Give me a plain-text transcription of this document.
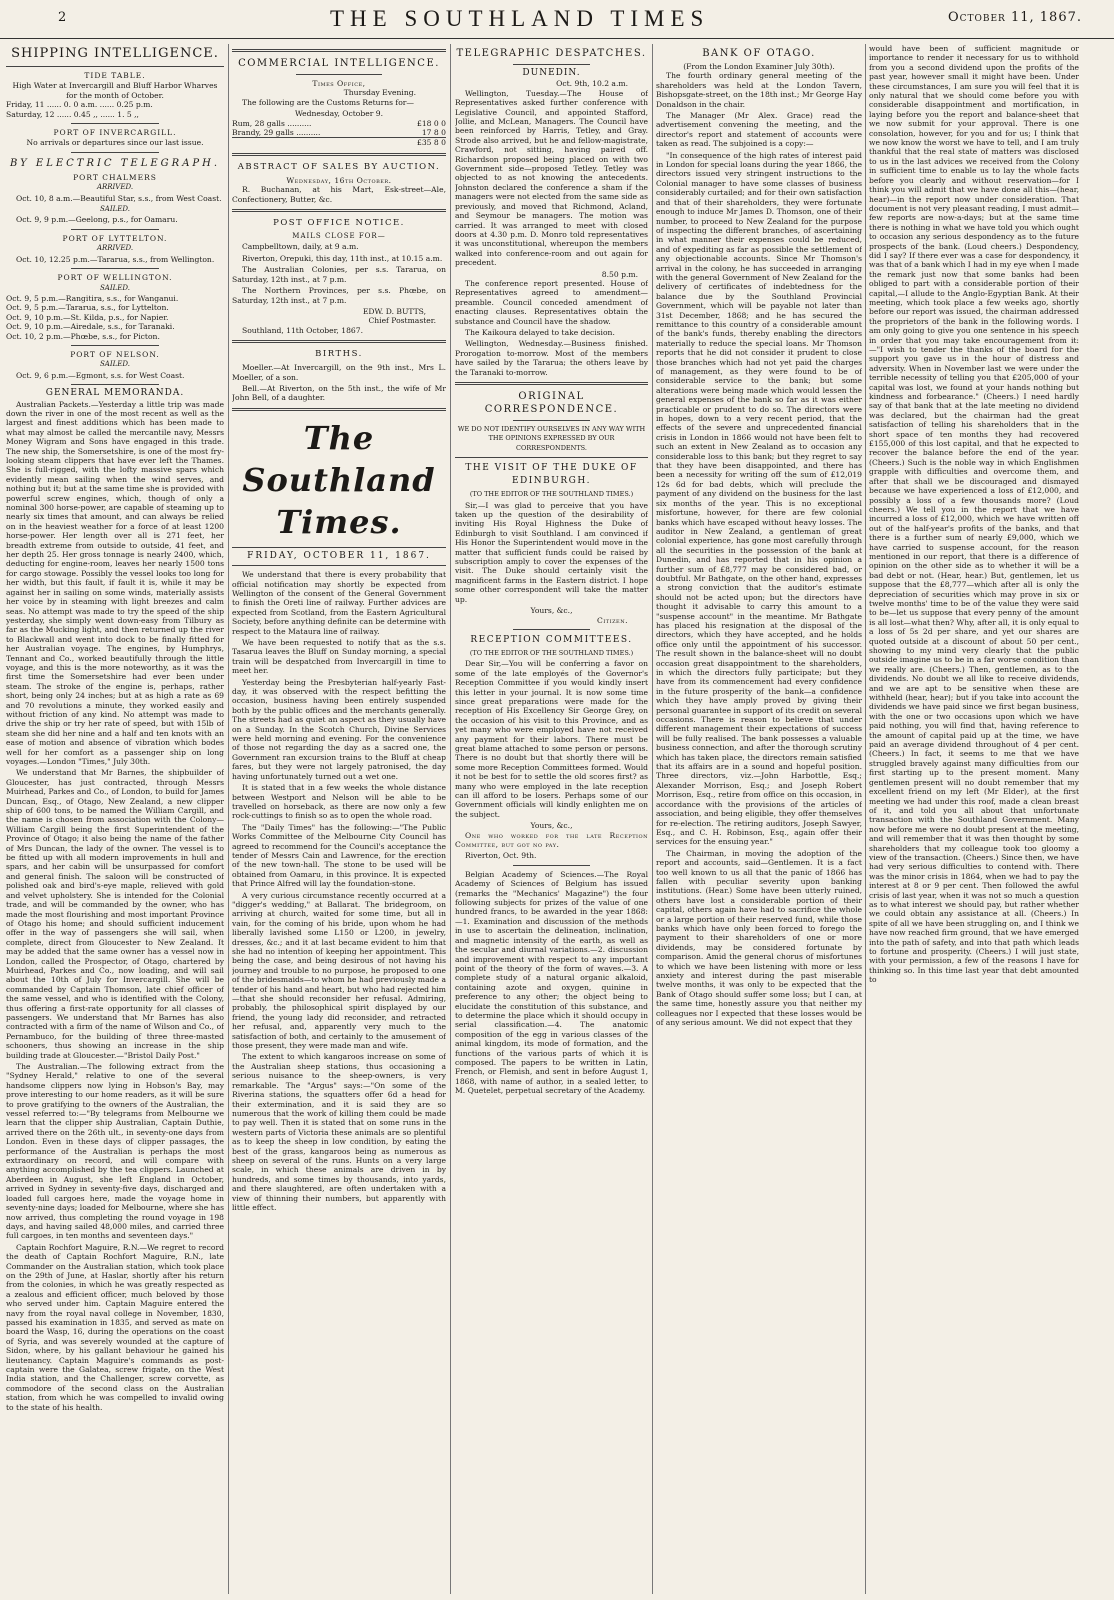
2	THE SOUTHLAND TIMES	October 11, 1867.
SHIPPING INTELLIGENCE.
TIDE TABLE.
High Water at Invercargill and Bluff Harbor Wharves for the month of October.
Friday, 11 ...... 0. 0 a.m. ...... 0.25 p.m.
Saturday, 12 ...... 0.45 ,, ...... 1. 5 ,,
PORT OF INVERCARGILL.
No arrivals or departures since our last issue.
BY ELECTRIC TELEGRAPH.
PORT CHALMERS
ARRIVED.
Oct. 10, 8 a.m.—Beautiful Star, s.s., from West Coast.
SAILED.
Oct. 9, 9 p.m.—Geelong, p.s., for Oamaru.
PORT OF LYTTELTON.
ARRIVED.
Oct. 10, 12.25 p.m.—Tararua, s.s., from Wellington.
PORT OF WELLINGTON.
SAILED.
Oct. 9, 5 p.m.—Rangitira, s.s., for Wanganui.
Oct. 9, 5 p.m.—Tararua, s.s., for Lyttelton.
Oct. 9, 10 p.m.—St. Kilda, p.s., for Napier.
Oct. 9, 10 p.m.—Airedale, s.s., for Taranaki.
Oct. 10, 2 p.m.—Phœbe, s.s., for Picton.
PORT OF NELSON.
SAILED.
Oct. 9, 6 p.m.—Egmont, s.s. for West Coast.
GENERAL MEMORANDA.

Australian Packets.—Yesterday a little trip was made down the river in one of the most recent as well as the largest and finest additions which has been made to what may almost be called the mercantile navy, Messrs Money Wigram and Sons have engaged in this trade. The new ship, the Somersetshire, is one of the most fry-looking steam clippers that have ever left the Thames. She is full-rigged, with the lofty massive spars which evidently mean sailing when the wind serves, and nothing but it; but at the same time she is provided with powerful screw engines, which, though of only a nominal 300 horse-power, are capable of steaming up to nearly six times that amount, and can always be relied on in the heaviest weather for a force of at least 1200 horse-power. Her length over all is 271 feet, her breadth extreme from outside to outside, 41 feet, and her depth 25. Her gross tonnage is nearly 2400, which, deducting for engine-room, leaves her nearly 1500 tons for cargo stowage. Possibly the vessel looks too long for her width, but this fault, if fault it is, while it may be against her in sailing on some winds, materially assists her voice by in steaming with light breezes and calm seas. No attempt was made to try the speed of the ship yesterday, she simply went down-easy from Tilbury as far as the Mucking light, and then returned up the river to Blackwall and went into dock to be finally fitted for her Australian voyage. The engines, by Humphrys, Tennant and Co., worked beautifully through the little voyage, and this is the more noteworthy, as it was the first time the Somersetshire had ever been under steam. The stroke of the engine is, perhaps, rather short, being only 24 inches; but at as high a rate as 69 and 70 revolutions a minute, they worked easily and without friction of any kind. No attempt was made to drive the ship or try her rate of speed, but with 15lb of steam she did her nine and a half and ten knots with an ease of motion and absence of vibration which bodes well for her comfort as a passenger ship on long voyages.—London "Times," July 30th.

We understand that Mr Barnes, the shipbuilder of Gloucester, has just contracted, through Messrs Muirhead, Parkes and Co., of London, to build for James Duncan, Esq., of Otago, New Zealand, a new clipper ship of 600 tons, to be named the William Cargill, and the name is chosen from association with the Colony—William Cargill being the first Superintendent of the Province of Otago; it also being the name of the father of Mrs Duncan, the lady of the owner. The vessel is to be fitted up with all modern improvements in hull and spars, and her cabin will be unsurpassed for comfort and general finish. The saloon will be constructed of polished oak and bird's-eye maple, relieved with gold and velvet upholstery. She is intended for the Colonial trade, and will be commanded by the owner, who has made the most flourishing and most important Province of Otago his home; and should sufficient inducement offer in the way of passengers she will sail, when complete, direct from Gloucester to New Zealand. It may be added that the same owner has a vessel now in London, called the Prospector, of Otago, chartered by Muirhead, Parkes and Co., now loading, and will sail about the 10th of July for Invercargill. She will be commanded by Captain Thomson, late chief officer of the same vessel, and who is identified with the Colony, thus offering a first-rate opportunity for all classes of passengers. We understand that Mr Barnes has also contracted with a firm of the name of Wilson and Co., of Pernambuco, for the building of three three-masted schooners, thus showing an increase in the ship building trade at Gloucester.—"Bristol Daily Post."

The Australian.—The following extract from the "Sydney Herald," relative to one of the several handsome clippers now lying in Hobson's Bay, may prove interesting to our home readers, as it will be sure to prove gratifying to the owners of the Australian, the vessel referred to:—"By telegrams from Melbourne we learn that the clipper ship Australian, Captain Duthie, arrived there on the 26th ult., in seventy-one days from London. Even in these days of clipper passages, the performance of the Australian is perhaps the most extraordinary on record, and will compare with anything accomplished by the tea clippers. Launched at Aberdeen in August, she left England in October, arrived in Sydney in seventy-five days, discharged and loaded full cargoes here, made the voyage home in seventy-nine days; loaded for Melbourne, where she has now arrived, thus completing the round voyage in 198 days, and having sailed 48,000 miles, and carried three full cargoes, in ten months and seventeen days."

Captain Rochfort Maguire, R.N.—We regret to record the death of Captain Rochfort Maguire, R.N., late Commander on the Australian station, which took place on the 29th of June, at Haslar, shortly after his return from the colonies, in which he was greatly respected as a zealous and efficient officer, much beloved by those who served under him. Captain Maguire entered the navy from the royal naval college in November, 1830, passed his examination in 1835, and served as mate on board the Wasp, 16, during the operations on the coast of Syria, and was severely wounded at the capture of Sidon, where, by his gallant behaviour he gained his lieutenancy. Captain Maguire's commands as post-captain were the Galatea, screw frigate, on the West India station, and the Challenger, screw corvette, as commodore of the second class on the Australian station, from which he was compelled to invalid owing to the state of his health.

COMMERCIAL INTELLIGENCE.
Times Office,
Thursday Evening.
The following are the Customs Returns for—
Wednesday, October 9.
Rum, 28 galls ..........	£18 0 0
Brandy, 29 galls ..........	17 8 0
	£35 8 0
ABSTRACT OF SALES BY AUCTION.
Wednesday, 16th October.
R. Buchanan, at his Mart, Esk-street—Ale, Confectionery, Butter, &c.
POST OFFICE NOTICE.
MAILS CLOSE FOR—
Campbelltown, daily, at 9 a.m.
Riverton, Orepuki, this day, 11th inst., at 10.15 a.m.
The Australian Colonies, per s.s. Tararua, on Saturday, 12th inst., at 7 p.m.
The Northern Provinces, per s.s. Phœbe, on Saturday, 12th inst., at 7 p.m.
EDW. D. BUTTS,
Chief Postmaster.
Southland, 11th October, 1867.
BIRTHS.
Moeller.—At Invercargill, on the 9th inst., Mrs L. Moeller, of a son.
Bell.—At Riverton, on the 5th inst., the wife of Mr John Bell, of a daughter.
The Southland Times.
FRIDAY, OCTOBER 11, 1867.

We understand that there is every probability that official notification may shortly be expected from Wellington of the consent of the General Government to finish the Oreti line of railway. Further advices are expected from Scotland, from the Eastern Agricultural Society, before anything definite can be determine with respect to the Mataura line of railway.

We have been requested to notify that as the s.s. Tasarua leaves the Bluff on Sunday morning, a special train will be despatched from Invercargill in time to meet her.

Yesterday being the Presbyterian half-yearly Fast-day, it was observed with the respect befitting the occasion, business having been entirely suspended both by the public offices and the merchants generally. The streets had as quiet an aspect as they usually have on a Sunday. In the Scotch Church, Divine Services were held morning and evening. For the convenience of those not regarding the day as a sacred one, the Government ran excursion trains to the Bluff at cheap fares, but they were not largely patronised, the day having unfortunately turned out a wet one.

It is stated that in a few weeks the whole distance between Westport and Nelson will be able to be travelled on horseback, as there are now only a few rock-cuttings to finish so as to open the whole road.

The "Daily Times" has the following:—"The Public Works Committee of the Melbourne City Council has agreed to recommend for the Council's acceptance the tender of Messrs Cain and Lawrence, for the erection of the new town-hall. The stone to be used will be obtained from Oamaru, in this province. It is expected that Prince Alfred will lay the foundation-stone.

A very curious circumstance recently occurred at a "digger's wedding," at Ballarat. The bridegroom, on arriving at church, waited for some time, but all in vain, for the coming of his bride, upon whom he had liberally lavished some L150 or L200, in jewelry, dresses, &c.; and it at last became evident to him that she had no intention of keeping her appointment. This being the case, and being desirous of not having his journey and trouble to no purpose, he proposed to one of the bridesmaids—to whom he had previously made a tender of his hand and heart, but who had rejected him—that she should reconsider her refusal. Admiring, probably, the philosophical spirit displayed by our friend, the young lady did reconsider, and retracted her refusal, and, apparently very much to the satisfaction of both, and certainly to the amusement of those present, they were made man and wife.

The extent to which kangaroos increase on some of the Australian sheep stations, thus occasioning a serious nuisance to the sheep-owners, is very remarkable. The "Argus" says:—"On some of the Riverina stations, the squatters offer 6d a head for their extermination, and it is said they are so numerous that the work of killing them could be made to pay well. Then it is stated that on some runs in the western parts of Victoria these animals are so plentiful as to keep the sheep in low condition, by eating the best of the grass, kangaroos being as numerous as sheep on several of the runs. Hunts on a very large scale, in which these animals are driven in by hundreds, and some times by thousands, into yards, and there slaughtered, are often undertaken with a view of thinning their numbers, but apparently with little effect.

TELEGRAPHIC DESPATCHES.
DUNEDIN.
Oct. 9th, 10.2 a.m.

Wellington, Tuesday.—The House of Representatives asked further conference with Legislative Council, and appointed Stafford, Jollie, and McLean, Managers. The Council have been reinforced by Harris, Tetley, and Gray. Strode also arrived, but he and fellow-magistrate, Crawford, not sitting, having paired off. Richardson proposed being placed on with two Government side—proposed Tetley. Tetley was objected to as not knowing the antecedents. Johnston declared the conference a sham if the managers were not elected from the same side as previously, and moved that Richmond, Acland, and Seymour be managers. The motion was carried. It was arranged to meet with closed doors at 4.30 p.m. D. Monro told representatives it was unconstitutional, whereupon the members walked into conference-room and out again for precedent.

8.50 p.m.

The conference report presented. House of Representatives agreed to amendment—preamble. Council conceded amendment of enacting clauses. Representatives obtain the substance and Council have the shadow.

The Kaikoura delayed to take decision.

Wellington, Wednesday.—Business finished. Prorogation to-morrow. Most of the members have sailed by the Tararua; the others leave by the Taranaki to-morrow.

ORIGINAL CORRESPONDENCE.
WE DO NOT IDENTIFY OURSELVES IN ANY WAY WITH THE OPINIONS EXPRESSED BY OUR CORRESPONDENTS.
THE VISIT OF THE DUKE OF EDINBURGH.
(TO THE EDITOR OF THE SOUTHLAND TIMES.)

Sir,—I was glad to perceive that you have taken up the question of the desirability of inviting His Royal Highness the Duke of Edinburgh to visit Southland. I am convinced if His Honor the Superintendent would move in the matter that sufficient funds could be raised by subscription amply to cover the expenses of the visit. The Duke should certainly visit the magnificent farms in the Eastern district. I hope some other correspondent will take the matter up.

Yours, &c.,
Citizen.
RECEPTION COMMITTEES.
(TO THE EDITOR OF THE SOUTHLAND TIMES.)

Dear Sir,—You will be conferring a favor on some of the late employés of the Governor's Reception Committee if you would kindly insert this letter in your journal. It is now some time since great preparations were made for the reception of His Excellency Sir George Grey, on the occasion of his visit to this Province, and as yet many who were employed have not received any payment for their labors. There must be great blame attached to some person or persons. There is no doubt but that shortly there will be some more Reception Committees formed. Would it not be best for to settle the old scores first? as many who were employed in the late reception can ill afford to be losers. Perhaps some of our Government officials will kindly enlighten me on the subject.

Yours, &c.,
One who worked for the late Reception Committee, but got no pay.
Riverton, Oct. 9th.

Belgian Academy of Sciences.—The Royal Academy of Sciences of Belgium has issued (remarks the "Mechanics' Magazine") the four following subjects for prizes of the value of one hundred francs, to be awarded in the year 1868:—1. Examination and discussion of the methods in use to ascertain the delineation, inclination, and magnetic intensity of the earth, as well as the secular and diurnal variations.—2. discussion and improvement with respect to any important point of the theory of the form of waves.—3. A complete study of a natural organic alkaloid, containing azote and oxygen, quinine in preference to any other; the object being to elucidate the constitution of this substance, and to determine the place which it should occupy in serial classification.—4. The anatomic composition of the egg in various classes of the animal kingdom, its mode of formation, and the functions of the various parts of which it is composed. The papers to be written in Latin, French, or Flemish, and sent in before August 1, 1868, with name of author, in a sealed letter, to M. Quetelet, perpetual secretary of the Academy.

BANK OF OTAGO.
(From the London Examiner July 30th).

The fourth ordinary general meeting of the shareholders was held at the London Tavern, Bishopsgate-street, on the 18th inst.; Mr George Hay Donaldson in the chair.

The Manager (Mr Alex. Grace) read the advertisement convening the meeting, and the director's report and statement of accounts were taken as read. The subjoined is a copy:—

"In consequence of the high rates of interest paid in London for special loans during the year 1866, the directors issued very stringent instructions to the Colonial manager to have some classes of business considerably curtailed; and for their own satisfaction and that of their shareholders, they were fortunate enough to induce Mr James D. Thomson, one of their number, to proceed to New Zealand for the purpose of inspecting the different branches, of ascertaining in what manner their expenses could be reduced, and of expediting as far as possible the settlement of any objectionable accounts. Since Mr Thomson's arrival in the colony, he has succeeded in arranging with the general Government of New Zealand for the delivery of certificates of indebtedness for the balance due by the Southland Provincial Government, which will be payable not later than 31st December, 1868; and he has secured the remittance to this country of a considerable amount of the bank's funds, thereby enabling the directors materially to reduce the special loans. Mr Thomson reports that he did not consider it prudent to close those branches which had not yet paid the charges of management, as they were found to be of considerable service to the bank; but some alterations were being made which would lessen the general expenses of the bank so far as it was either practicable or prudent to do so. The directors were in hopes, down to a very recent period, that the effects of the severe and unprecedented financial crisis in London in 1866 would not have been felt to such an extent in New Zealand as to occasion any considerable loss to this bank; but they regret to say that they have been disappointed, and there has been a necessity for writing off the sum of £12,019 12s 6d for bad debts, which will preclude the payment of any dividend on the business for the last six months of the year. This is no exceptional misfortune, however, for there are few colonial banks which have escaped without heavy losses. The auditor in New Zealand, a gentleman of great colonial experience, has gone most carefully through all the securities in the possession of the bank at Dunedin, and has reported that in his opinion a further sum of £8,777 may be considered bad, or doubtful. Mr Bathgate, on the other hand, expresses a strong conviction that the auditor's estimate should not be acted upon; but the directors have thought it advisable to carry this amount to a "suspense account" in the meantime. Mr Bathgate has placed his resignation at the disposal of the directors, which they have accepted, and he holds office only until the appointment of his successor. The result shown in the balance-sheet will no doubt occasion great disappointment to the shareholders, in which the directors fully participate; but they have from its commencement had every confidence in the future prosperity of the bank—a confidence which they have amply proved by giving their personal guarantee in support of its credit on several occasions. There is reason to believe that under different management their expectations of success will be fully realised. The bank possesses a valuable business connection, and after the thorough scrutiny which has taken place, the directors remain satisfied that its affairs are in a sound and hopeful position. Three directors, viz.—John Harbottle, Esq.; Alexander Morrison, Esq.; and Joseph Robert Morrison, Esq., retire from office on this occasion, in accordance with the provisions of the articles of association, and being eligible, they offer themselves for re-election. The retiring auditors, Joseph Sawyer, Esq., and C. H. Robinson, Esq., again offer their services for the ensuing year."

The Chairman, in moving the adoption of the report and accounts, said—Gentlemen. It is a fact too well known to us all that the panic of 1866 has fallen with peculiar severity upon banking institutions. (Hear.) Some have been utterly ruined, others have lost a considerable portion of their capital, others again have had to sacrifice the whole or a large portion of their reserved fund, while those banks which have only been forced to forego the payment to their shareholders of one or more dividends, may be considered fortunate by comparison. Amid the general chorus of misfortunes to which we have been listening with more or less anxiety and interest during the past miserable twelve months, it was only to be expected that the Bank of Otago should suffer some loss; but I can, at the same time, honestly assure you that neither my colleagues nor I expected that these losses would be of any serious amount. We did not expect that they

would have been of sufficient magnitude or importance to render it necessary for us to withhold from you a second dividend upon the profits of the past year, however small it might have been. Under these circumstances, I am sure you will feel that it is only natural that we should come before you with considerable disappointment and mortification, in laying before you the report and balance-sheet that we now submit for your approval. There is one consolation, however, for you and for us; I think that we now know the worst we have to tell, and I am truly thankful that the real state of matters was disclosed to us in the last advices we received from the Colony in sufficient time to enable us to lay the whole facts before you clearly and without reservation—for I think you will admit that we have done all this—(hear, hear)—in the report now under consideration. That document is not very pleasant reading, I must admit—few reports are now-a-days; but at the same time there is nothing in what we have told you which ought to occasion any serious despondency as to the future prospects of the bank. (Loud cheers.) Despondency, did I say? If there ever was a case for despondency, it was that of a bank which I had in my eye when I made the remark just now that some banks had been obliged to part with a considerable portion of their capital,—I allude to the Anglo-Egyptian Bank. At their meeting, which took place a few weeks ago, shortly before our report was issued, the chairman addressed the proprietors of the bank in the following words. I am only going to give you one sentence in his speech in order that you may take encouragement from it:—"I wish to tender the thanks of the board for the support you gave us in the hour of distress and adversity. When in November last we were under the terrible necessity of telling you that £205,000 of your capital was lost, we found at your hands nothing but kindness and forbearance." (Cheers.) I need hardly say of that bank that at the late meeting no dividend was declared, but the chairman had the great satisfaction of telling his shareholders that in the short space of ten months they had recovered £155,000 of this lost capital, and that he expected to recover the balance before the end of the year. (Cheers.) Such is the noble way in which Englishmen grapple with difficulties and overcome them, and after that shall we be discouraged and dismayed because we have experienced a loss of £12,000, and possibly a loss of a few thousands more? (Loud cheers.) We tell you in the report that we have incurred a loss of £12,000, which we have written off out of the half-year's profits of the banks, and that there is a further sum of nearly £9,000, which we have carried to suspense account, for the reason mentioned in our report, that there is a difference of opinion on the other side as to whether it will be a bad debt or not. (Hear, hear.) But, gentlemen, let us suppose that the £8,777—which after all is only the depreciation of securities which may prove in six or twelve months' time to be of the value they were said to be—let us suppose that every penny of the amount is all lost—what then? Why, after all, it is only equal to a loss of 5s 2d per share, and yet our shares are quoted outside at a discount of about 50 per cent., showing to my mind very clearly that the public outside imagine us to be in a far worse condition than we really are. (Cheers.) Then, gentlemen, as to the dividends. No doubt we all like to receive dividends, and we are apt to be sensitive when these are withheld (hear, hear); but if you take into account the dividends we have paid since we first began business, with the one or two occasions upon which we have paid nothing, you will find that, having reference to the amount of capital paid up at the time, we have paid an average dividend throughout of 4 per cent. (Cheers.) In fact, it seems to me that we have struggled bravely against many difficulties from our first starting up to the present moment. Many gentlemen present will no doubt remember that my excellent friend on my left (Mr Elder), at the first meeting we had under this roof, made a clean breast of it, and told you all about that unfortunate transaction with the Southland Government. Many now before me were no doubt present at the meeting, and will remember that it was then thought by some shareholders that my colleague took too gloomy a view of the transaction. (Cheers.) Since then, we have had very serious difficulties to contend with. There was the minor crisis in 1864, when we had to pay the interest at 8 or 9 per cent. Then followed the awful crisis of last year, when it was not so much a question as to what interest we should pay, but rather whether we could obtain any assistance at all. (Cheers.) In spite of all we have been struggling on, and I think we have now reached firm ground, that we have emerged into the path of safety, and into that path which leads to fortune and prosperity. (Cheers.) I will just state, with your permission, a few of the reasons I have for thinking so. In this time last year that debt amounted to
